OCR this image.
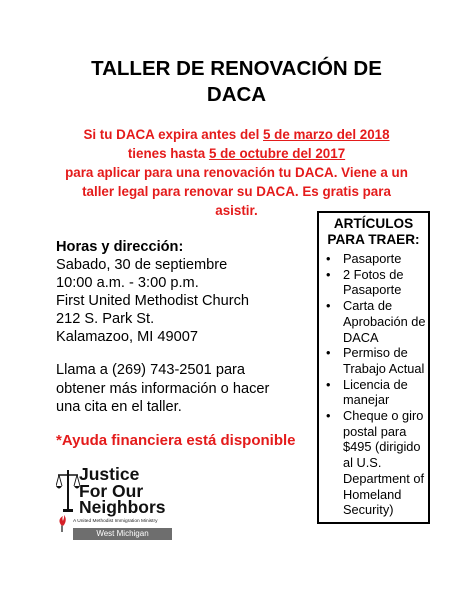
TALLER DE RENOVACIÓN DE
DACA
Si tu DACA expira antes del 5 de marzo del 2018
tienes hasta 5 de octubre del 2017
para aplicar para una renovación tu DACA. Viene a un
taller legal para renovar su DACA. Es gratis para
asistir.
Horas y dirección:
Sabado, 30 de septiembre
10:00 a.m. - 3:00 p.m.
First United Methodist Church
212 S. Park St.
Kalamazoo, MI 49007
Llama a (269) 743-2501 para
obtener más información o hacer
una cita en el taller.
*Ayuda financiera está disponible
ARTÍCULOS
PARA TRAER:
• Pasaporte
• 2 Fotos de Pasaporte
• Carta de Aprobación de DACA
• Permiso de Trabajo Actual
• Licencia de manejar
• Cheque o giro postal para $495 (dirigido al U.S. Department of Homeland Security)
Justice
For Our
Neighbors
A United Methodist Immigration Ministry
West Michigan
